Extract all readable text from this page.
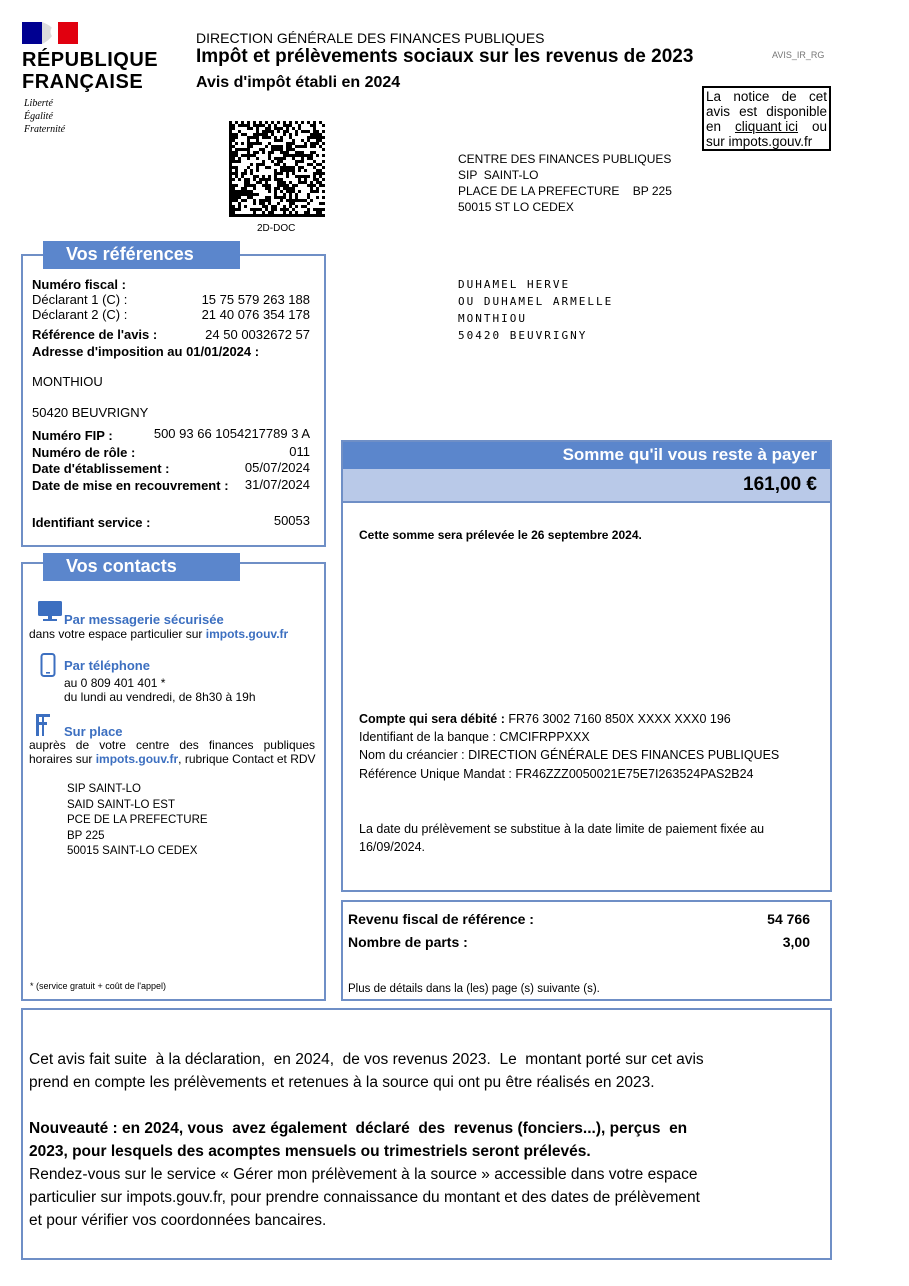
RÉPUBLIQUE
FRANÇAISE
Liberté
Égalité
Fraternité
DIRECTION GÉNÉRALE DES FINANCES PUBLIQUES
Impôt et prélèvements sociaux sur les revenus de 2023
Avis d'impôt établi en 2024
AVIS_IR_RG
La notice de cet
avis est disponible
en cliquant ici ou
sur impots.gouv.fr
2D-DOC
CENTRE DES FINANCES PUBLIQUES
SIP  SAINT-LO
PLACE DE LA PREFECTURE    BP 225
50015 ST LO CEDEX
DUHAMEL HERVE
OU DUHAMEL ARMELLE
MONTHIOU
50420 BEUVRIGNY
Vos références
Numéro fiscal :
Déclarant 1 (C) :	15 75 579 263 188
Déclarant 2 (C) :	21 40 076 354 178
Référence de l'avis :	24 50 0032672 57
Adresse d'imposition au 01/01/2024 :
MONTHIOU
50420 BEUVRIGNY
Numéro FIP :	500 93 66 1054217789 3 A
Numéro de rôle :	011
Date d'établissement :	05/07/2024
Date de mise en recouvrement :	31/07/2024
Identifiant service :	50053
Vos contacts
Par messagerie sécurisée
dans votre espace particulier sur impots.gouv.fr
Par téléphone
au 0 809 401 401 *
du lundi au vendredi, de 8h30 à 19h
Sur place
auprès de votre centre des finances publiques
horaires sur impots.gouv.fr, rubrique Contact et RDV
SIP SAINT-LO
SAID SAINT-LO EST
PCE DE LA PREFECTURE
BP 225
50015 SAINT-LO CEDEX
* (service gratuit + coût de l'appel)
Somme qu'il vous reste à payer
161,00 €
Cette somme sera prélevée le 26 septembre 2024.
Compte qui sera débité : FR76 3002 7160 850X XXXX XXX0 196
Identifiant de la banque : CMCIFRPPXXX
Nom du créancier : DIRECTION GÉNÉRALE DES FINANCES PUBLIQUES
Référence Unique Mandat : FR46ZZZ0050021E75E7I263524PAS2B24
La date du prélèvement se substitue à la date limite de paiement fixée au
16/09/2024.
Revenu fiscal de référence :	54 766
Nombre de parts :	3,00
Plus de détails dans la (les) page (s) suivante (s).
Cet avis fait suite  à la déclaration,  en 2024,  de vos revenus 2023.  Le  montant porté sur cet avis
prend en compte les prélèvements et retenues à la source qui ont pu être réalisés en 2023.
Nouveauté : en 2024, vous  avez également  déclaré  des  revenus (fonciers...), perçus  en
2023, pour lesquels des acomptes mensuels ou trimestriels seront prélevés.
Rendez-vous sur le service « Gérer mon prélèvement à la source » accessible dans votre espace
particulier sur impots.gouv.fr, pour prendre connaissance du montant et des dates de prélèvement
et pour vérifier vos coordonnées bancaires.
